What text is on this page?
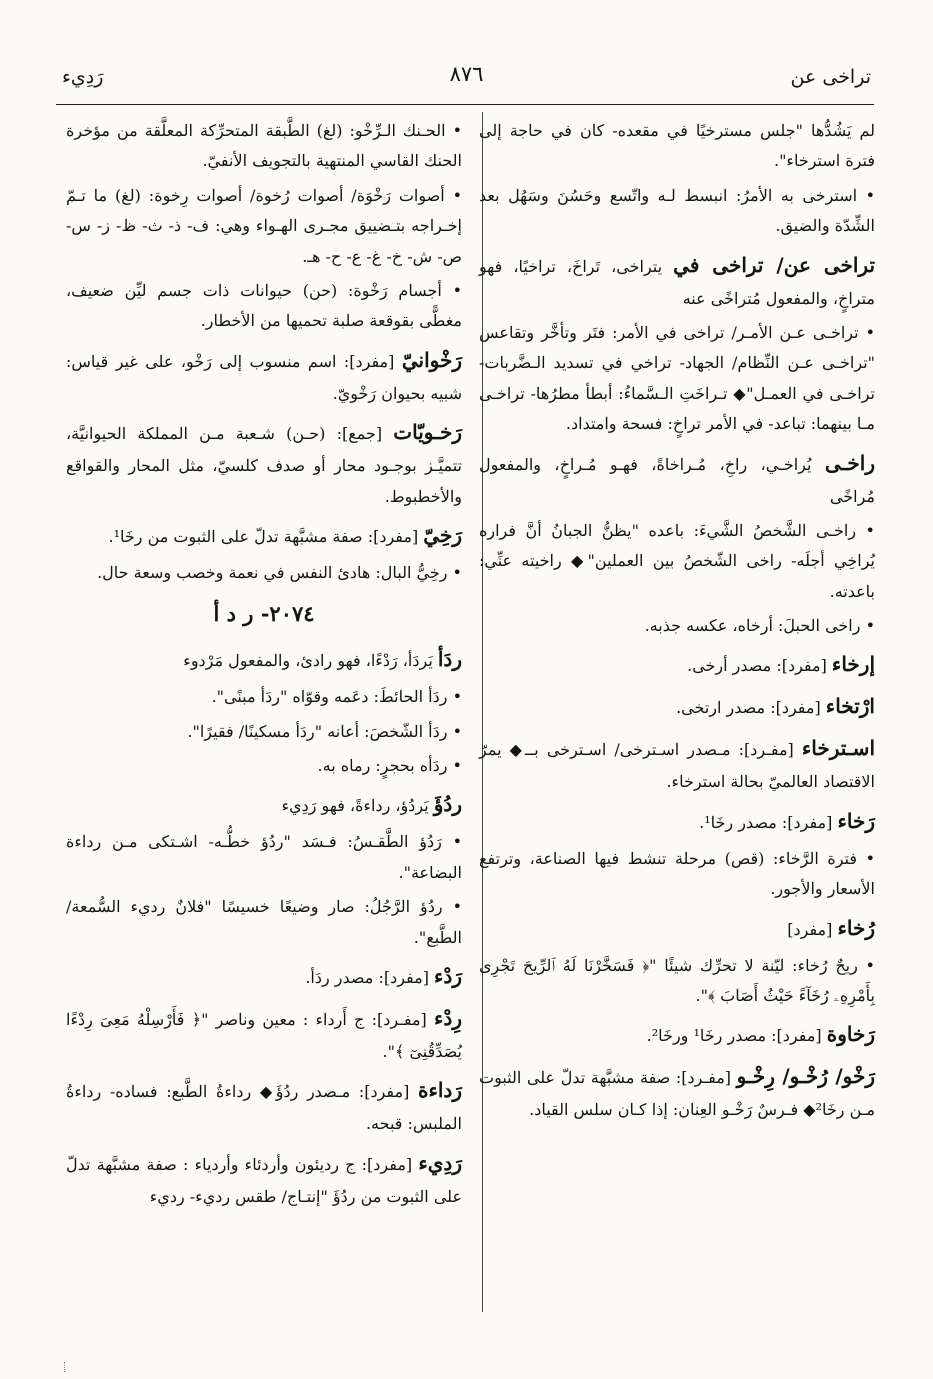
تراخى عن
٨٧٦
رَدِيء

لم يَشُدُّها "جلس مسترخيًا في مقعده- كان في حاجة إلى فترة استرخاء".

• استرخى به الأمرُ: انبسط لـه واتّسع وحَسُنَ وسَهُل بعد الشِّدّة والضيق.

تراخى عن/ تراخى في يتراخى، تَراخَ، تراخيًا، فهو متراخٍ، والمفعول مُتراخًى عنه

• تراخـى عـن الأمـر/ تراخى في الأمر: فتَر وتأخَّر وتقاعس "تراخـى عـن النِّظام/ الجهاد- تراخي في تسديد الـضَّربات- تراخـى في العمـل"◆ تـراخَتِ الـسَّماءُ: أبطأ مطرُها- تراخـى مـا بينهما: تباعد- في الأمر تراخٍ: فسحة وامتداد.

راخـى يُراخـي، راخِ، مُـراخاةً، فهـو مُـراخٍ، والمفعول مُراخًى

• راخـى الشَّخصُ الشَّيءَ: باعده "يظنُّ الجبانُ أنَّ فراره يُراخِي أجلَه- راخى الشّخصُ بين العملين"◆ راخيته عنِّي: باعدته.

• راخى الحبلَ: أرخاه، عكسه جذبه.

إرخاء [مفرد]: مصدر أرخى.

ارْتخاء [مفرد]: مصدر ارتخى.

اسـترخاء [مفـرد]: مـصدر اسـترخى/ اسـترخى بــ◆ يمرّ الاقتصاد العالميّ بحالة استرخاء.

رَخاء [مفرد]: مصدر رخَا¹.

• فترة الرَّخاء: (قص) مرحلة تنشط فيها الصناعة، وترتفع الأسعار والأجور.

رُخاء [مفرد]

• ريحٌ رُخاء: ليّنة لا تحرِّك شيئًا "﴿ فَسَخَّرْنَا لَهُ ٱلرِّيحَ تَجْرِى بِأَمْرِهِۦ رُخَآءً حَيْثُ أَصَابَ ﴾".

رَخاوة [مفرد]: مصدر رخَا¹ ورخَا².

رَخْو/ رُخْـو/ رِخْـو [مفـرد]: صفة مشبَّهة تدلّ على الثبوت مـن رخَا²◆ فـرسٌ رَخْـو العِنان: إذا كـان سلس القياد.

• الحـنك الـرِّخْو: (لغ) الطَّبقة المتحرِّكة المعلَّقة من مؤخرة الحنك القاسي المنتهية بالتجويف الأنفيّ.

• أصوات رَخْوَة/ أصوات رُخوة/ أصوات رِخوة: (لغ) ما تـمّ إخـراجه بتـضييق مجـرى الهـواء وهي: ف- ذ- ث- ظ- ز- س- ص- ش- خ- غ- ع- ح- هـ.

• أجسام رَخْوة: (حن) حيوانات ذات جسم ليِّن ضعيف، مغطًّى بقوقعة صلبة تحميها من الأخطار.

رَخْوانيّ [مفرد]: اسم منسوب إلى رَخْو، على غير قياس: شبيه بحيوان رَخْويّ.

رَخـويّات [جمع]: (حـن) شـعبة مـن المملكة الحيوانيَّة، تتميَّـز بوجـود محار أو صدف كلسيّ، مثل المحار والقواقع والأخطبوط.

رَخِيّ [مفرد]: صفة مشبَّهة تدلّ على الثبوت من رخَا¹.

• رخِيُّ البال: هادئ النفس في نعمة وخصب وسعة حال.

٢٠٧٤- ر د أ

ردَأ يَردَأ، رَدْءًا، فهو رادئ، والمفعول مَرْدوء

• ردَأ الحائطَ: دعَمه وقوّاه "ردَأ مبنًى".

• ردَأ الشّخصَ: أعانه "ردَأ مسكينًا/ فقيرًا".

• ردَأه بحجرٍ: رماه به.

ردُؤَ يَردُؤ، رداءةً، فهو رَدِيء

• رَدُؤ الطَّقـسُ: فـسَد "ردُؤ خطُّـه- اشـتكى مـن رداءة البضاعة".

• ردُؤ الرَّجُلُ: صار وضيعًا خسيسًا "فلانٌ رديء السُّمعة/ الطَّبع".

رَدْء [مفرد]: مصدر ردَأ.

رِدْء [مفـرد]: ج أَرداء : معين وناصر "﴿ فَأَرْسِلْهُ مَعِىَ رِدْءًا يُصَدِّقُنِىٓ ﴾".

رَداءة [مفرد]: مـصدر ردُؤَ◆ رداءةُ الطَّبع: فساده- رداءةُ الملبس: قبحه.

رَدِيء [مفرد]: ج رديئون وأردئاء وأردياء : صفة مشبَّهة تدلّ على الثبوت من ردُؤَ "إنتـاج/ طقس رديء- رديء
